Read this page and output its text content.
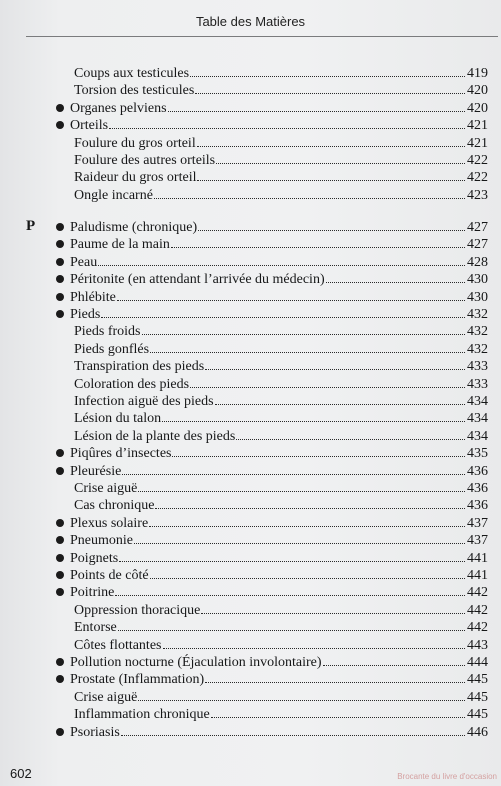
Table des Matières
P
Coups aux testicules	419
Torsion des testicules	420
Organes pelviens	420
Orteils	421
Foulure du gros orteil	421
Foulure des autres orteils	422
Raideur du gros orteil	422
Ongle incarné	423
Paludisme (chronique)	427
Paume de la main	427
Peau	428
Péritonite (en attendant l’arrivée du médecin)	430
Phlébite	430
Pieds	432
Pieds froids	432
Pieds gonflés	432
Transpiration des pieds	433
Coloration des pieds	433
Infection aiguë des pieds	434
Lésion du talon	434
Lésion de la plante des pieds	434
Piqûres d’insectes	435
Pleurésie	436
Crise aiguë	436
Cas chronique	436
Plexus solaire	437
Pneumonie	437
Poignets	441
Points de côté	441
Poitrine	442
Oppression thoracique	442
Entorse	442
Côtes flottantes	443
Pollution nocturne (Éjaculation involontaire)	444
Prostate (Inflammation)	445
Crise aiguë	445
Inflammation chronique	445
Psoriasis	446
602	Brocante du livre d'occasion
